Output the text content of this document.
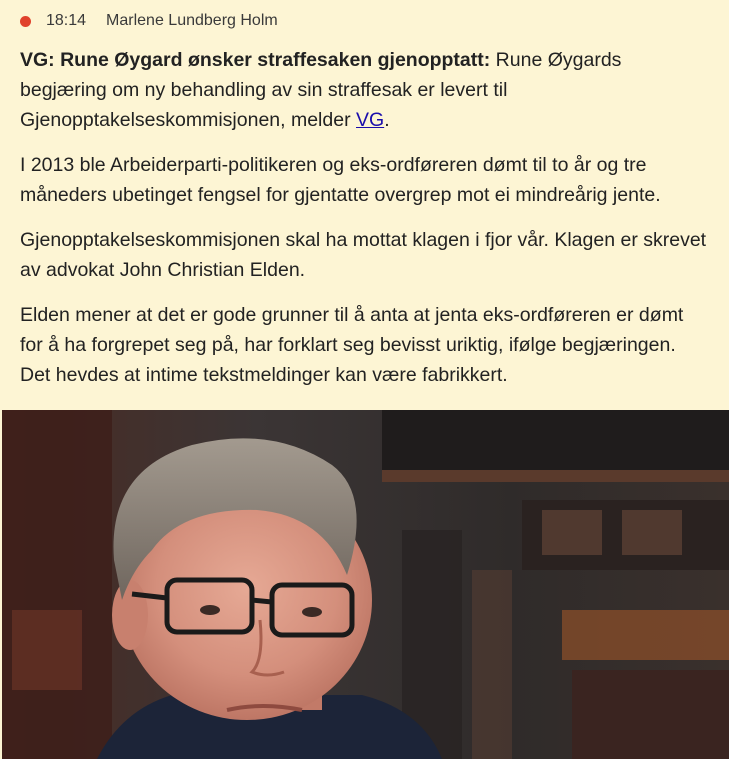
18:14 Marlene Lundberg Holm

VG: Rune Øygard ønsker straffesaken gjenopptatt: Rune Øygards begjæring om ny behandling av sin straffesak er levert til Gjenopptakelseskommisjonen, melder VG.

I 2013 ble Arbeiderparti-politikeren og eks-ordføreren dømt til to år og tre måneders ubetinget fengsel for gjentatte overgrep mot ei mindreårig jente.

Gjenopptakelseskommisjonen skal ha mottat klagen i fjor vår. Klagen er skrevet av advokat John Christian Elden.

Elden mener at det er gode grunner til å anta at jenta eks-ordføreren er dømt for å ha forgrepet seg på, har forklart seg bevisst uriktig, ifølge begjæringen. Det hevdes at intime tekstmeldinger kan være fabrikkert.
